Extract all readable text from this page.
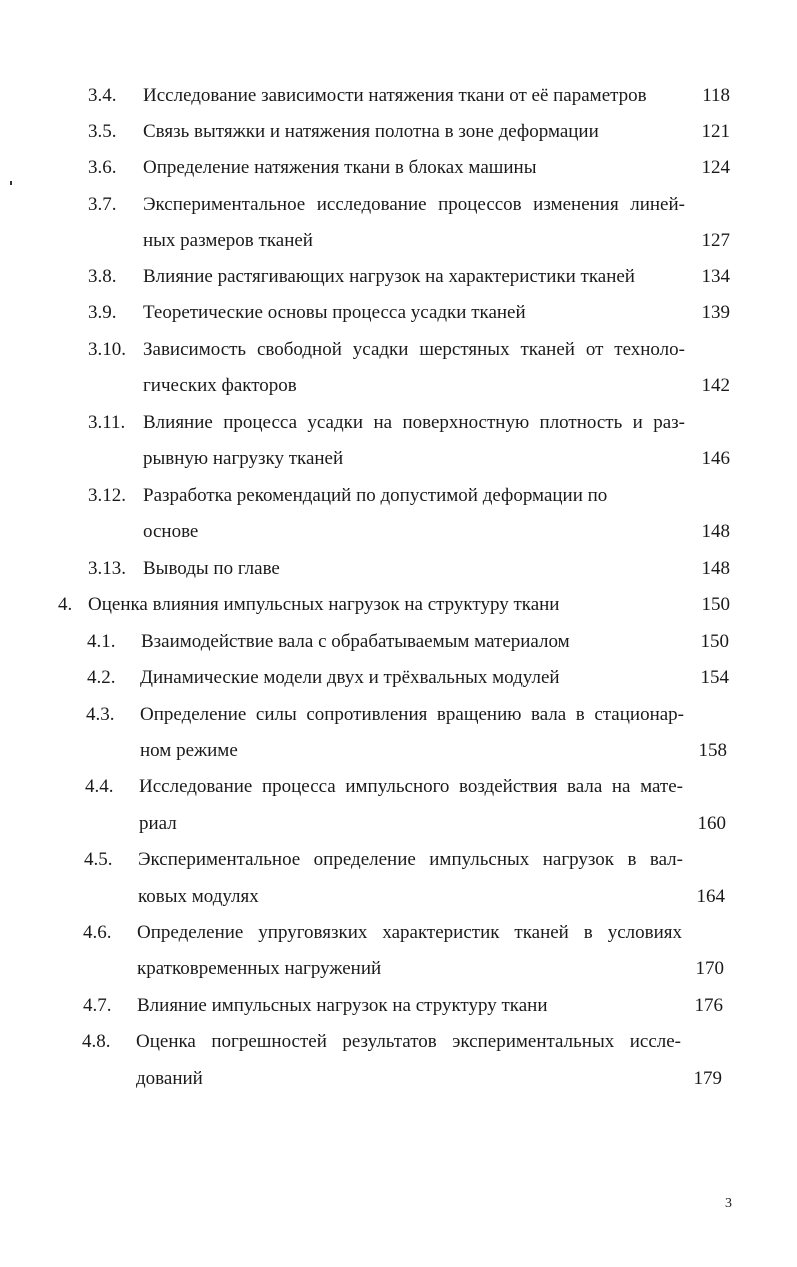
3.4. Исследование зависимости натяжения ткани от её параметров	118
3.5. Связь вытяжки и натяжения полотна в зоне деформации	121
3.6. Определение натяжения ткани в блоках машины	124
3.7. Экспериментальное исследование процессов изменения линей-
ных размеров тканей	127
3.8. Влияние растягивающих нагрузок на характеристики тканей	134
3.9. Теоретические основы процесса усадки тканей	139
3.10. Зависимость свободной усадки шерстяных тканей от техноло-
гических факторов	142
3.11. Влияние процесса усадки на поверхностную плотность и раз-
рывную нагрузку тканей	146
3.12. Разработка рекомендаций по допустимой деформации по
основе	148
3.13. Выводы по главе	148
4. Оценка влияния импульсных нагрузок на структуру ткани	150
4.1. Взаимодействие вала с обрабатываемым материалом	150
4.2. Динамические модели двух и трёхвальных модулей	154
4.3. Определение силы сопротивления вращению вала в стационар-
ном режиме	158
4.4. Исследование процесса импульсного воздействия вала на мате-
риал	160
4.5. Экспериментальное определение импульсных нагрузок в вал-
ковых модулях	164
4.6. Определение упруговязких характеристик тканей в условиях
кратковременных нагружений	170
4.7. Влияние импульсных нагрузок на структуру ткани	176
4.8. Оценка погрешностей результатов экспериментальных иссле-
дований	179
3
